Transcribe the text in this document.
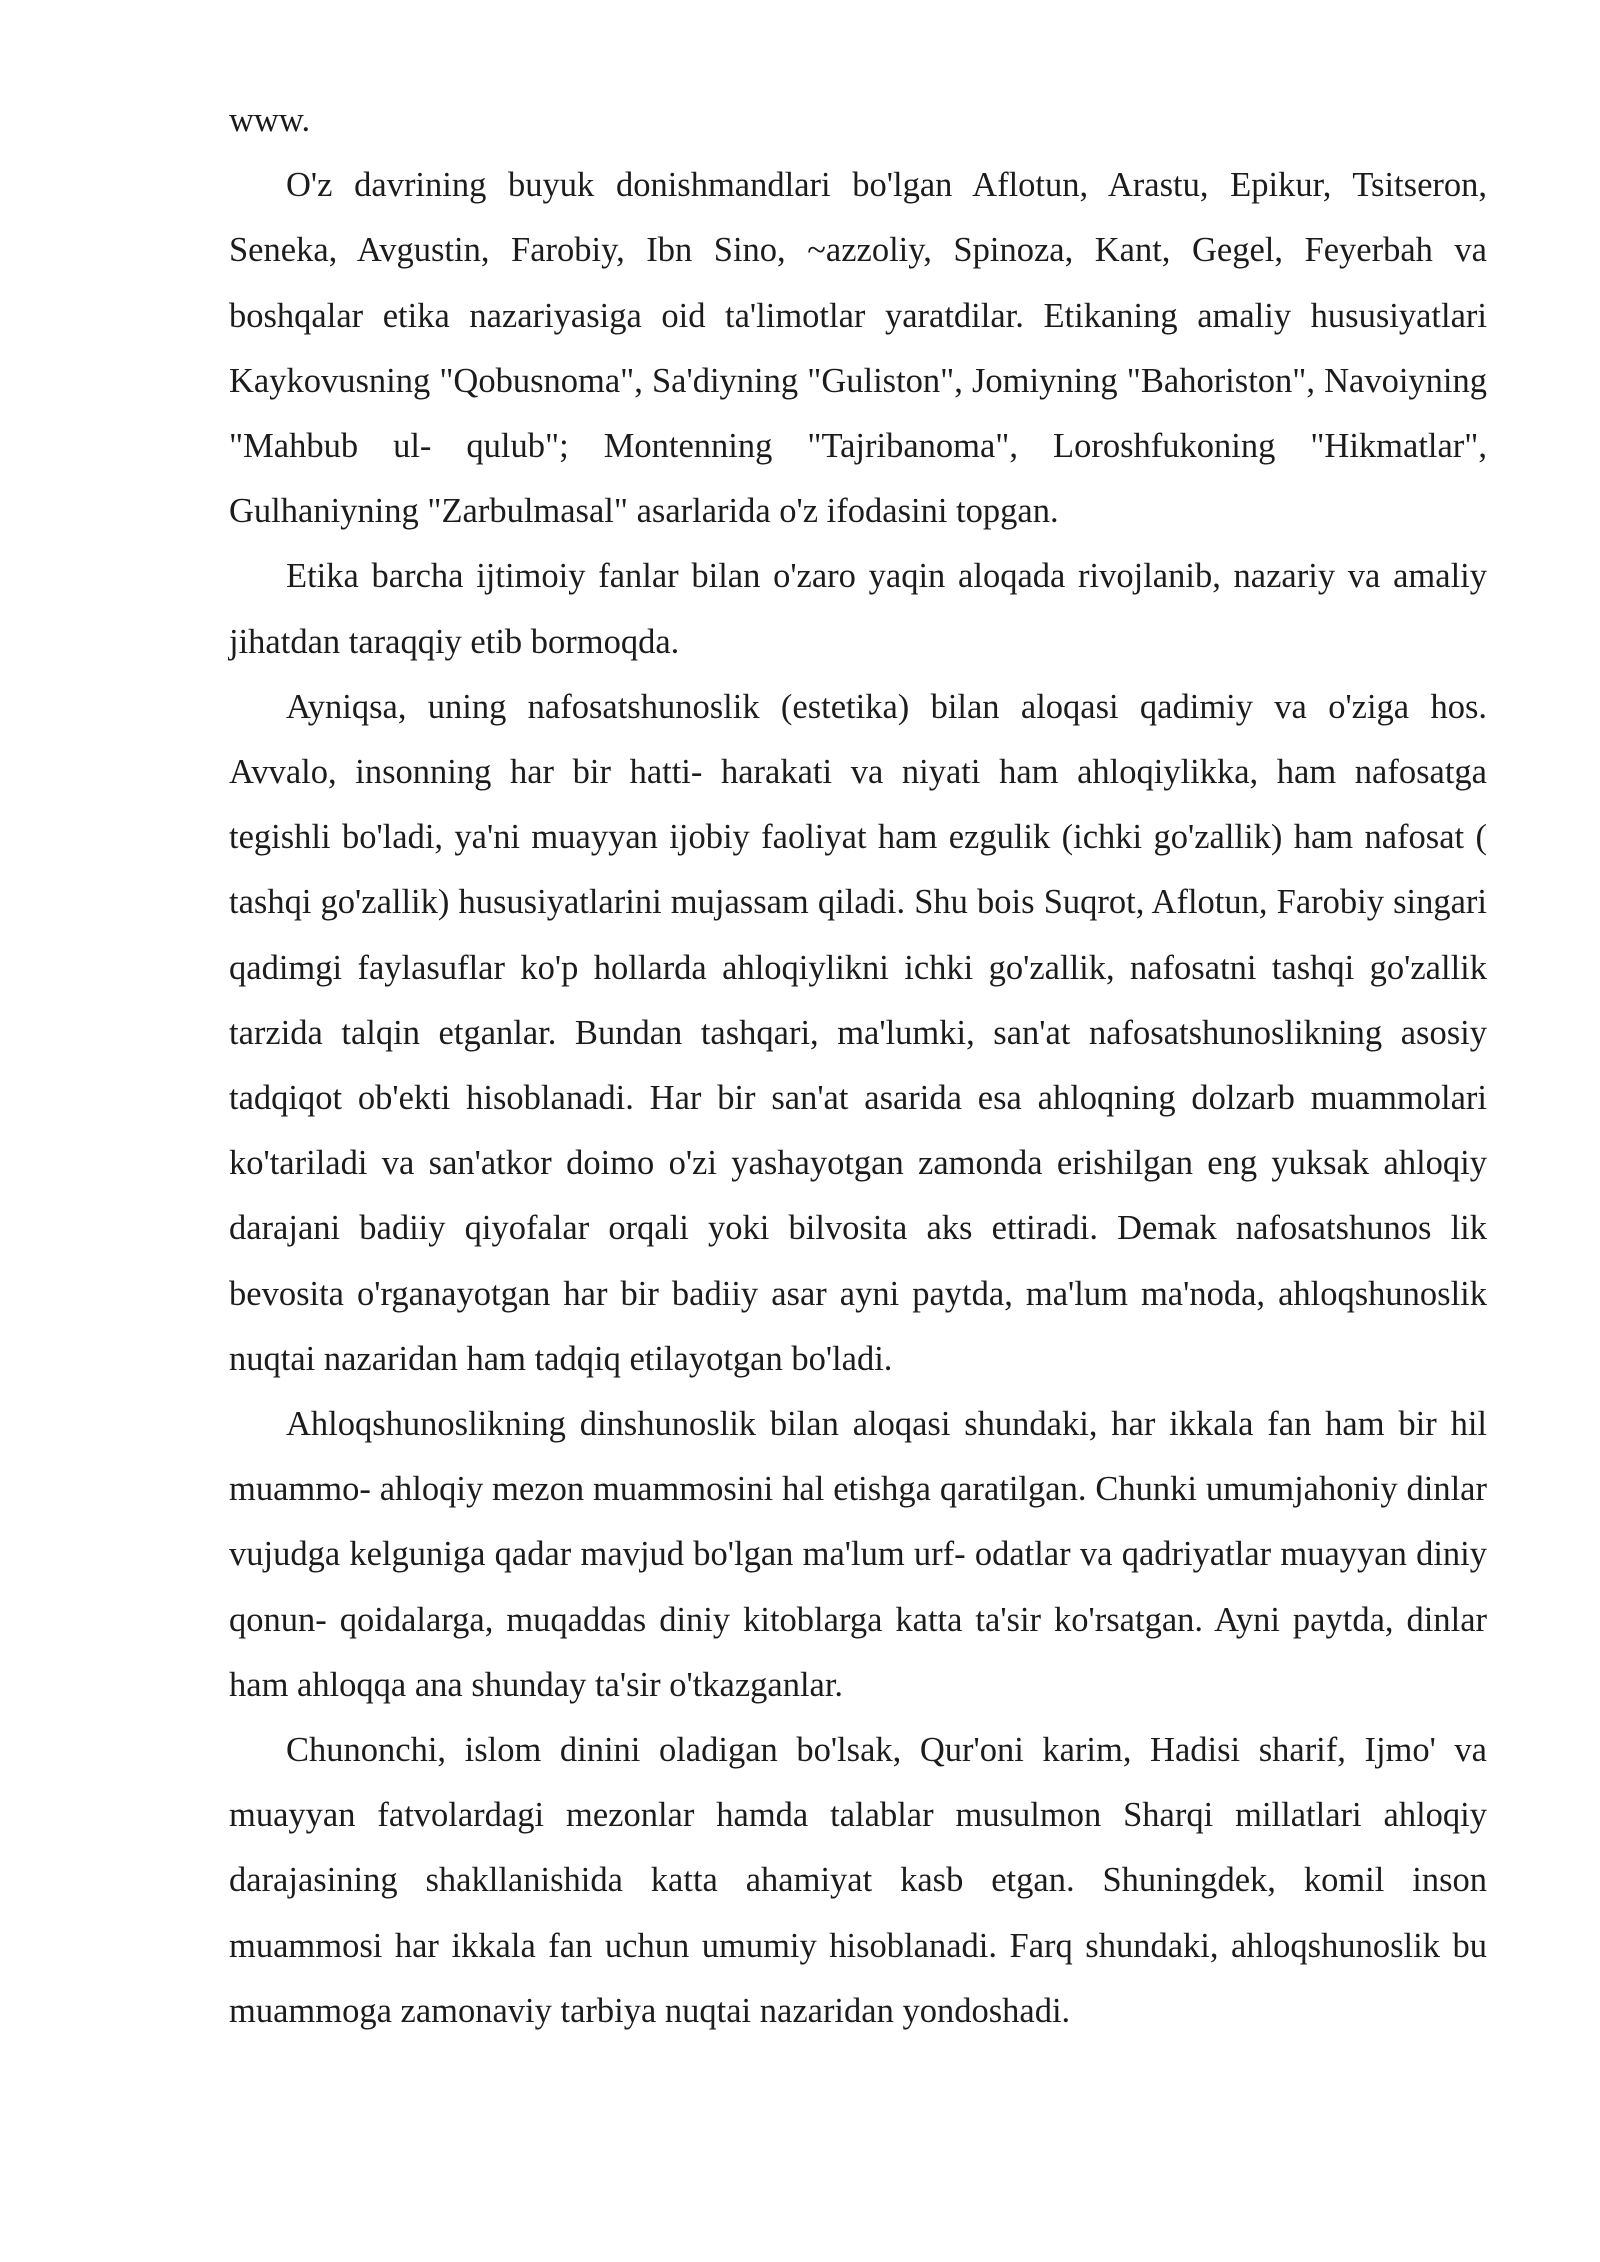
www.

O'z davrining buyuk donishmandlari bo'lgan Aflotun, Arastu, Epikur, Tsitseron, Seneka, Avgustin, Farobiy, Ibn Sino, ~azzoliy, Spinoza, Kant, Gegel, Feyerbah va boshqalar etika nazariyasiga oid ta'limotlar yaratdilar. Etikaning amaliy hususiyatlari Kaykovusning "Qobusnoma", Sa'diyning "Guliston", Jomiyning "Bahoriston", Navoiyning "Mahbub ul- qulub"; Montenning "Tajribanoma", Loroshfukoning "Hikmatlar", Gulhaniyning "Zarbulmasal" asarlarida o'z ifodasini topgan.

Etika barcha ijtimoiy fanlar bilan o'zaro yaqin aloqada rivojlanib, nazariy va amaliy jihatdan taraqqiy etib bormoqda.

Ayniqsa, uning nafosatshunoslik (estetika) bilan aloqasi qadimiy va o'ziga hos. Avvalo, insonning har bir hatti- harakati va niyati ham ahloqiylikka, ham nafosatga tegishli bo'ladi, ya'ni muayyan ijobiy faoliyat ham ezgulik (ichki go'zallik) ham nafosat ( tashqi go'zallik) hususiyatlarini mujassam qiladi. Shu bois Suqrot, Aflotun, Farobiy singari qadimgi faylasuflar ko'p hollarda ahloqiylikni ichki go'zallik, nafosatni tashqi go'zallik tarzida talqin etganlar. Bundan tashqari, ma'lumki, san'at nafosatshunoslikning asosiy tadqiqot ob'ekti hisoblanadi. Har bir san'at asarida esa ahloqning dolzarb muammolari ko'tariladi va san'atkor doimo o'zi yashayotgan zamonda erishilgan eng yuksak ahloqiy darajani badiiy qiyofalar orqali yoki bilvosita aks ettiradi. Demak nafosatshunos lik bevosita o'rganayotgan har bir badiiy asar ayni paytda, ma'lum ma'noda, ahloqshunoslik nuqtai nazaridan ham tadqiq etilayotgan bo'ladi.

Ahloqshunoslikning dinshunoslik bilan aloqasi shundaki, har ikkala fan ham bir hil muammo- ahloqiy mezon muammosini hal etishga qaratilgan. Chunki umumjahoniy dinlar vujudga kelguniga qadar mavjud bo'lgan ma'lum urf- odatlar va qadriyatlar muayyan diniy qonun- qoidalarga, muqaddas diniy kitoblarga katta ta'sir ko'rsatgan. Ayni paytda, dinlar ham ahloqqa ana shunday ta'sir o'tkazganlar.

Chunonchi, islom dinini oladigan bo'lsak, Qur'oni karim, Hadisi sharif, Ijmo' va muayyan fatvolardagi mezonlar hamda talablar musulmon Sharqi millatlari ahloqiy darajasining shakllanishida katta ahamiyat kasb etgan. Shuningdek, komil inson muammosi har ikkala fan uchun umumiy hisoblanadi. Farq shundaki, ahloqshunoslik bu muammoga zamonaviy tarbiya nuqtai nazaridan yondoshadi.
